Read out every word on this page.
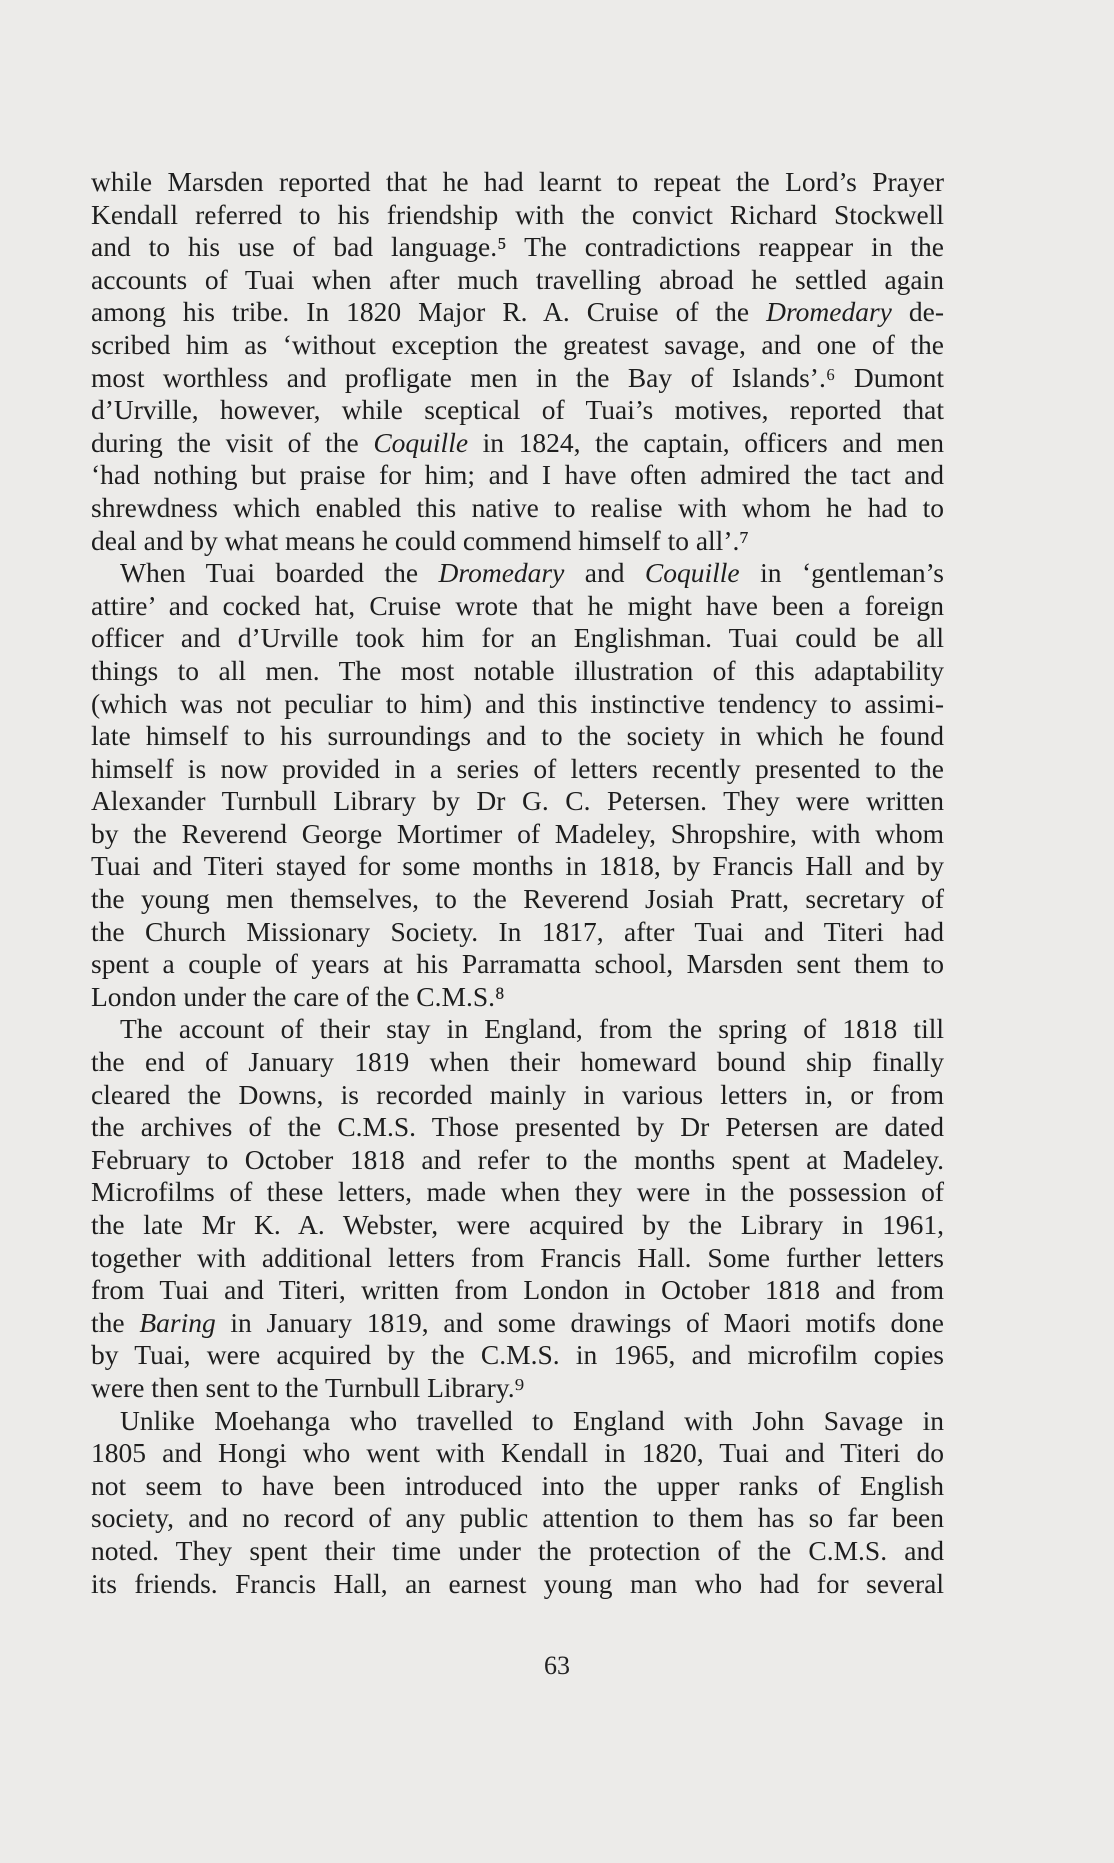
while Marsden reported that he had learnt to repeat the Lord’s Prayer
Kendall referred to his friendship with the convict Richard Stockwell
and to his use of bad language.⁵ The contradictions reappear in the
accounts of Tuai when after much travelling abroad he settled again
among his tribe. In 1820 Major R. A. Cruise of the Dromedary de-
scribed him as ‘without exception the greatest savage, and one of the
most worthless and profligate men in the Bay of Islands’.⁶ Dumont
d’Urville, however, while sceptical of Tuai’s motives, reported that
during the visit of the Coquille in 1824, the captain, officers and men
‘had nothing but praise for him; and I have often admired the tact and
shrewdness which enabled this native to realise with whom he had to
deal and by what means he could commend himself to all’.⁷
When Tuai boarded the Dromedary and Coquille in ‘gentleman’s
attire’ and cocked hat, Cruise wrote that he might have been a foreign
officer and d’Urville took him for an Englishman. Tuai could be all
things to all men. The most notable illustration of this adaptability
(which was not peculiar to him) and this instinctive tendency to assimi-
late himself to his surroundings and to the society in which he found
himself is now provided in a series of letters recently presented to the
Alexander Turnbull Library by Dr G. C. Petersen. They were written
by the Reverend George Mortimer of Madeley, Shropshire, with whom
Tuai and Titeri stayed for some months in 1818, by Francis Hall and by
the young men themselves, to the Reverend Josiah Pratt, secretary of
the Church Missionary Society. In 1817, after Tuai and Titeri had
spent a couple of years at his Parramatta school, Marsden sent them to
London under the care of the C.M.S.⁸
The account of their stay in England, from the spring of 1818 till
the end of January 1819 when their homeward bound ship finally
cleared the Downs, is recorded mainly in various letters in, or from
the archives of the C.M.S. Those presented by Dr Petersen are dated
February to October 1818 and refer to the months spent at Madeley.
Microfilms of these letters, made when they were in the possession of
the late Mr K. A. Webster, were acquired by the Library in 1961,
together with additional letters from Francis Hall. Some further letters
from Tuai and Titeri, written from London in October 1818 and from
the Baring in January 1819, and some drawings of Maori motifs done
by Tuai, were acquired by the C.M.S. in 1965, and microfilm copies
were then sent to the Turnbull Library.⁹
Unlike Moehanga who travelled to England with John Savage in
1805 and Hongi who went with Kendall in 1820, Tuai and Titeri do
not seem to have been introduced into the upper ranks of English
society, and no record of any public attention to them has so far been
noted. They spent their time under the protection of the C.M.S. and
its friends. Francis Hall, an earnest young man who had for several
63
